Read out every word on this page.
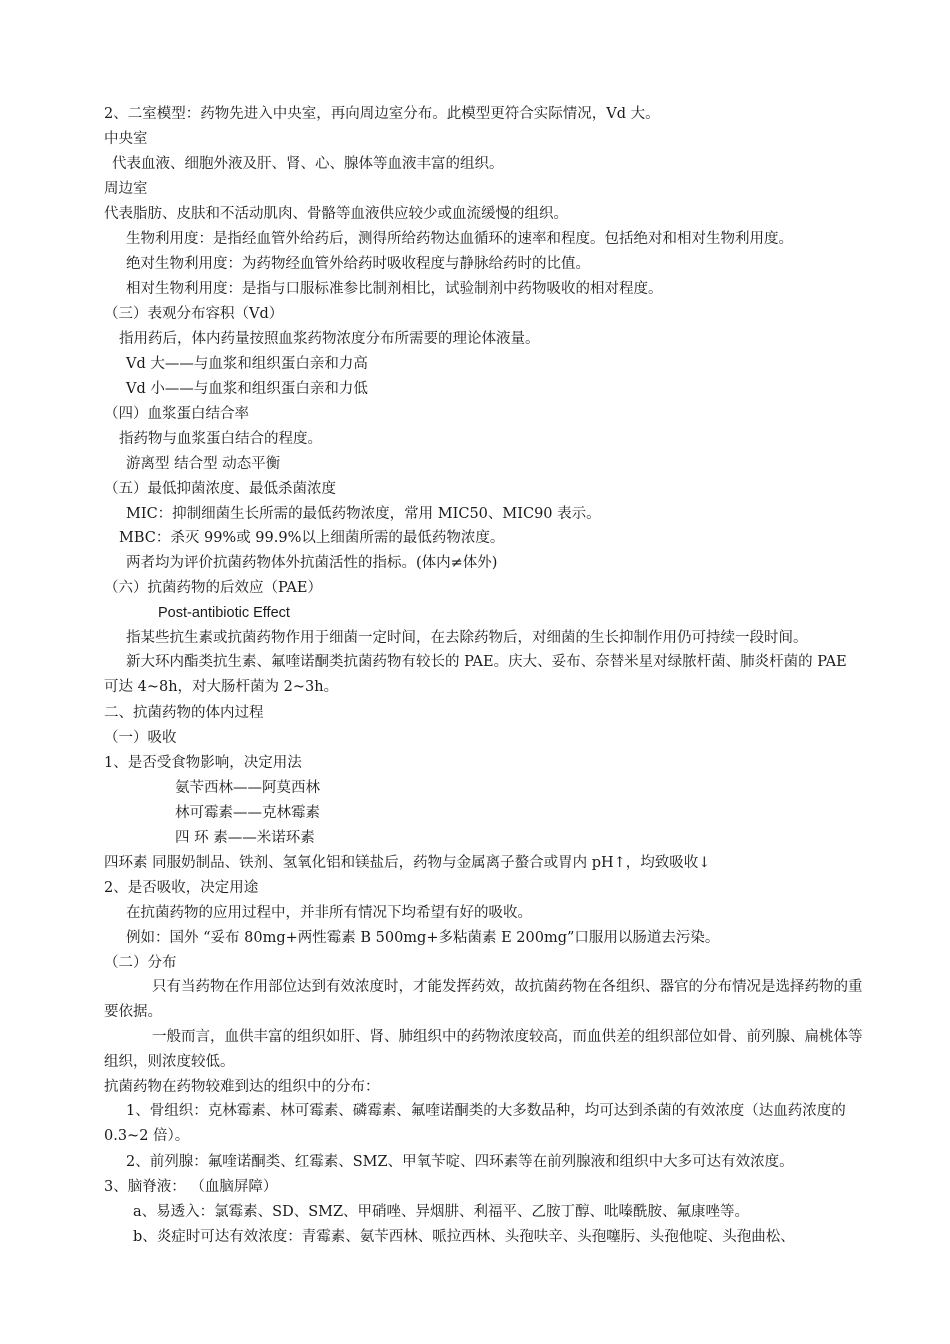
2、二室模型：药物先进入中央室，再向周边室分布。此模型更符合实际情况，Vd 大。
中央室
代表血液、细胞外液及肝、肾、心、腺体等血液丰富的组织。
周边室
代表脂肪、皮肤和不活动肌肉、骨骼等血液供应较少或血流缓慢的组织。
生物利用度：是指经血管外给药后，测得所给药物达血循环的速率和程度。包括绝对和相对生物利用度。
绝对生物利用度：为药物经血管外给药时吸收程度与静脉给药时的比值。
相对生物利用度：是指与口服标准参比制剂相比，试验制剂中药物吸收的相对程度。
（三）表观分布容积（Vd）
指用药后，体内药量按照血浆药物浓度分布所需要的理论体液量。
Vd 大——与血浆和组织蛋白亲和力高
Vd 小——与血浆和组织蛋白亲和力低
（四）血浆蛋白结合率
指药物与血浆蛋白结合的程度。
游离型 结合型 动态平衡
（五）最低抑菌浓度、最低杀菌浓度
MIC：抑制细菌生长所需的最低药物浓度，常用 MIC50、MIC90 表示。
MBC：杀灭 99%或 99.9%以上细菌所需的最低药物浓度。
两者均为评价抗菌药物体外抗菌活性的指标。(体内≠体外)
（六）抗菌药物的后效应（PAE）
Post-antibiotic Effect
指某些抗生素或抗菌药物作用于细菌一定时间，在去除药物后，对细菌的生长抑制作用仍可持续一段时间。
新大环内酯类抗生素、氟喹诺酮类抗菌药物有较长的 PAE。庆大、妥布、奈替米星对绿脓杆菌、肺炎杆菌的 PAE 可达 4~8h，对大肠杆菌为 2~3h。
二、抗菌药物的体内过程
（一）吸收
1、是否受食物影响，决定用法
氨苄西林——阿莫西林
林可霉素——克林霉素
四 环 素——米诺环素
四环素 同服奶制品、铁剂、氢氧化铝和镁盐后，药物与金属离子螯合或胃内 pH↑，均致吸收↓
2、是否吸收，决定用途
在抗菌药物的应用过程中，并非所有情况下均希望有好的吸收。
例如：国外 “妥布 80mg+两性霉素 B 500mg+多粘菌素 E 200mg”口服用以肠道去污染。
（二）分布
只有当药物在作用部位达到有效浓度时，才能发挥药效，故抗菌药物在各组织、器官的分布情况是选择药物的重要依据。
一般而言，血供丰富的组织如肝、肾、肺组织中的药物浓度较高，而血供差的组织部位如骨、前列腺、扁桃体等组织，则浓度较低。
抗菌药物在药物较难到达的组织中的分布：
1、骨组织：克林霉素、林可霉素、磷霉素、氟喹诺酮类的大多数品种，均可达到杀菌的有效浓度（达血药浓度的 0.3~2 倍）。
2、前列腺：氟喹诺酮类、红霉素、SMZ、甲氧苄啶、四环素等在前列腺液和组织中大多可达有效浓度。
3、脑脊液： （血脑屏障）
a、易透入：氯霉素、SD、SMZ、甲硝唑、异烟肼、利福平、乙胺丁醇、吡嗪酰胺、氟康唑等。
b、炎症时可达有效浓度：青霉素、氨苄西林、哌拉西林、头孢呋辛、头孢噻肟、头孢他啶、头孢曲松、
